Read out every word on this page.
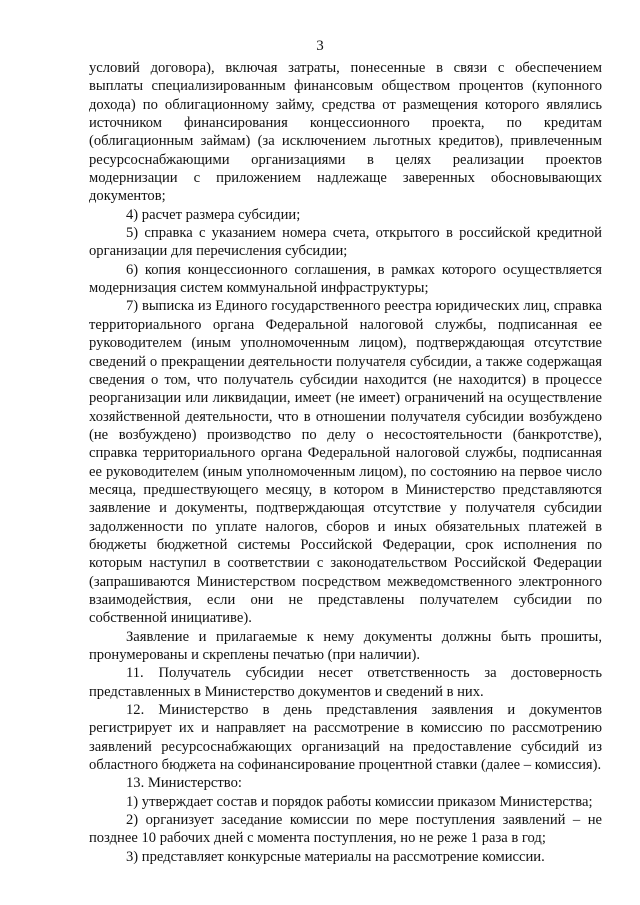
3

условий договора), включая затраты, понесенные в связи с обеспечением выплаты специализированным финансовым обществом процентов (купонного дохода) по облигационному займу, средства от размещения которого являлись источником финансирования концессионного проекта, по кредитам (облигационным займам) (за исключением льготных кредитов), привлеченным ресурсоснабжающими организациями в целях реализации проектов модернизации с приложением надлежаще заверенных обосновывающих документов;

4) расчет размера субсидии;

5) справка с указанием номера счета, открытого в российской кредитной организации для перечисления субсидии;

6) копия концессионного соглашения, в рамках которого осуществляется модернизация систем коммунальной инфраструктуры;

7) выписка из Единого государственного реестра юридических лиц, справка территориального органа Федеральной налоговой службы, подписанная ее руководителем (иным уполномоченным лицом), подтверждающая отсутствие сведений о прекращении деятельности получателя субсидии, а также содержащая сведения о том, что получатель субсидии находится (не находится) в процессе реорганизации или ликвидации, имеет (не имеет) ограничений на осуществление хозяйственной деятельности, что в отношении получателя субсидии возбуждено (не возбуждено) производство по делу о несостоятельности (банкротстве), справка территориального органа Федеральной налоговой службы, подписанная ее руководителем (иным уполномоченным лицом), по состоянию на первое число месяца, предшествующего месяцу, в котором в Министерство представляются заявление и документы, подтверждающая отсутствие у получателя субсидии задолженности по уплате налогов, сборов и иных обязательных платежей в бюджеты бюджетной системы Российской Федерации, срок исполнения по которым наступил в соответствии с законодательством Российской Федерации (запрашиваются Министерством посредством межведомственного электронного взаимодействия, если они не представлены получателем субсидии по собственной инициативе).

Заявление и прилагаемые к нему документы должны быть прошиты, пронумерованы и скреплены печатью (при наличии).

11. Получатель субсидии несет ответственность за достоверность представленных в Министерство документов и сведений в них.

12. Министерство в день представления заявления и документов регистрирует их и направляет на рассмотрение в комиссию по рассмотрению заявлений ресурсоснабжающих организаций на предоставление субсидий из областного бюджета на софинансирование процентной ставки (далее – комиссия).

13. Министерство:

1) утверждает состав и порядок работы комиссии приказом Министерства;

2) организует заседание комиссии по мере поступления заявлений – не позднее 10 рабочих дней с момента поступления, но не реже 1 раза в год;

3) представляет конкурсные материалы на рассмотрение комиссии.
